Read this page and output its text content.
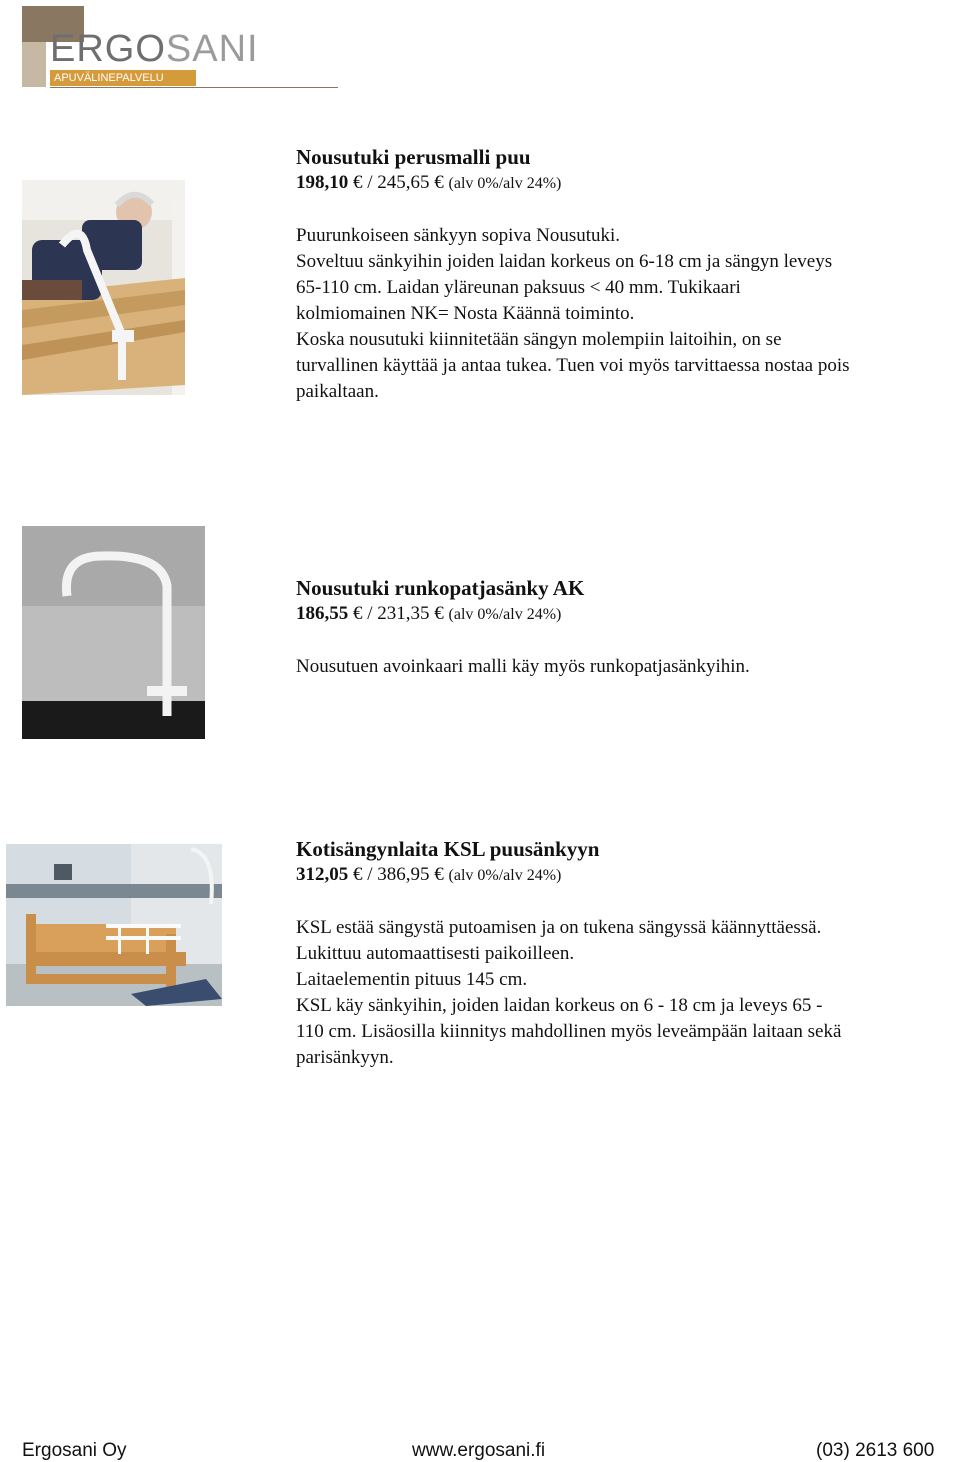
ERGOSANI
APUVÄLINEPALVELU
Nousutuki perusmalli puu
198,10 € / 245,65 € (alv 0%/alv 24%)

Puurunkoiseen sänkyyn sopiva Nousutuki.

Soveltuu sänkyihin joiden laidan korkeus on 6-18 cm ja sängyn leveys

65-110 cm. Laidan yläreunan paksuus < 40 mm. Tukikaari

kolmiomainen NK= Nosta Käännä toiminto.

Koska nousutuki kiinnitetään sängyn molempiin laitoihin, on se

turvallinen käyttää ja antaa tukea. Tuen voi myös tarvittaessa nostaa pois

paikaltaan.

Nousutuki runkopatjasänky AK
186,55 € / 231,35 € (alv 0%/alv 24%)

Nousutuen avoinkaari malli käy myös runkopatjasänkyihin.

Kotisängynlaita KSL puusänkyyn
312,05 € / 386,95 € (alv 0%/alv 24%)

KSL estää sängystä putoamisen ja on tukena sängyssä käännyttäessä.

Lukittuu automaattisesti paikoilleen.

Laitaelementin pituus 145 cm.

KSL käy sänkyihin, joiden laidan korkeus on 6 - 18 cm ja leveys 65 -

110 cm. Lisäosilla kiinnitys mahdollinen myös leveämpään laitaan sekä

parisänkyyn.

Ergosani Oy	www.ergosani.fi	(03) 2613 600
